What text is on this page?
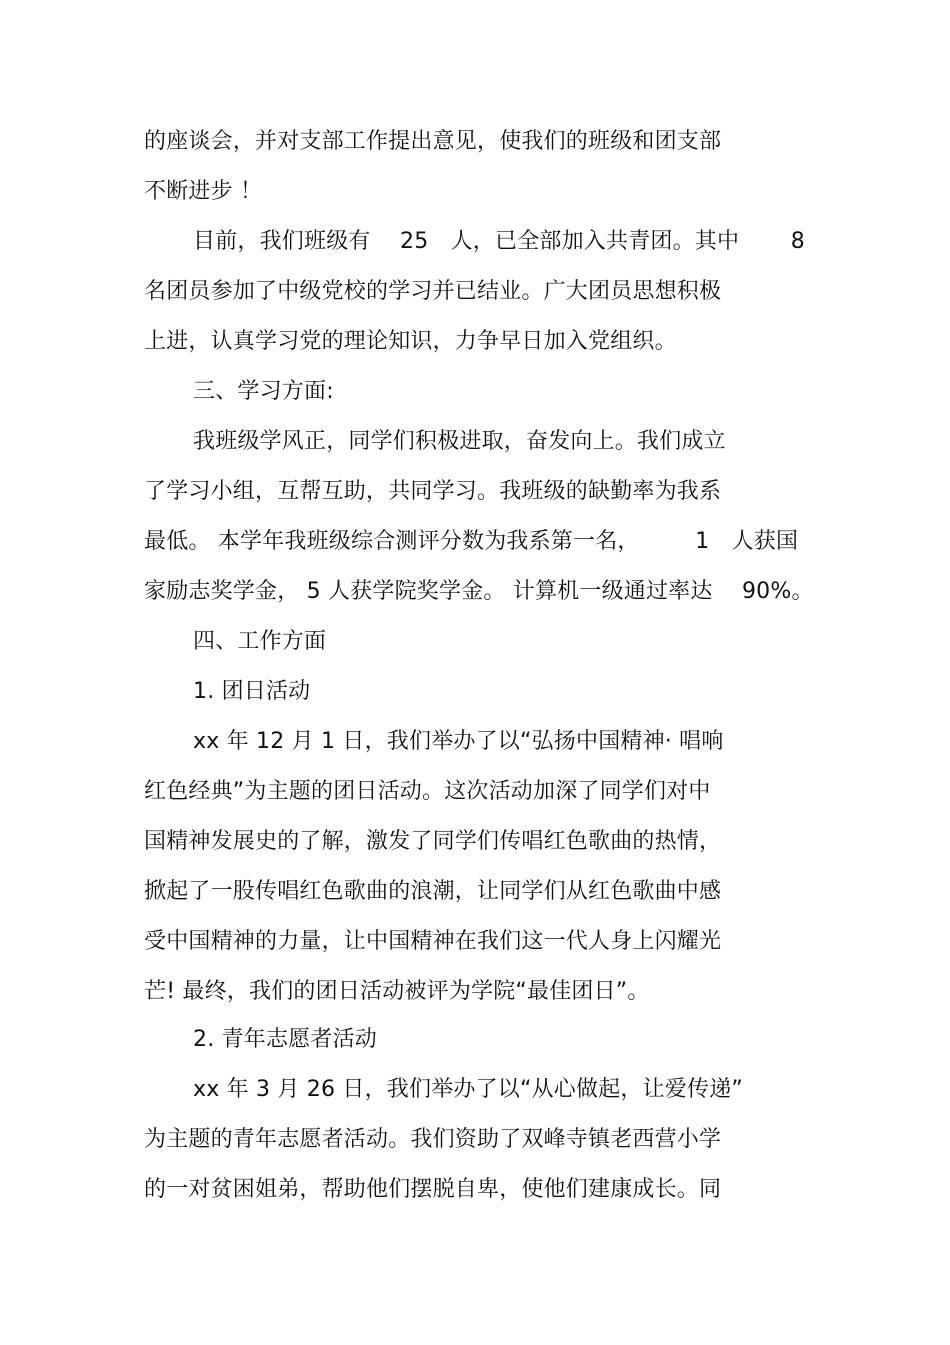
的座谈会，并对支部工作提出意见，使我们的班级和团支部
不断进步 ！
目前，我们班级有　 25　人，已全部加入共青团。其中　　 8
名团员参加了中级党校的学习并已结业。广大团员思想积极
上进，认真学习党的理论知识，力争早日加入党组织。
三、学习方面:
我班级学风正，同学们积极进取，奋发向上。我们成立
了学习小组，互帮互助，共同学习。我班级的缺勤率为我系
最低。 本学年我班级综合测评分数为我系第一名，　　　1　人获国
家励志奖学金， 5 人获学院奖学金。 计算机一级通过率达　 90%。
四、工作方面
1. 团日活动
xx 年 12 月 1 日，我们举办了以“弘扬中国精神· 唱响
红色经典”为主题的团日活动。这次活动加深了同学们对中
国精神发展史的了解，激发了同学们传唱红色歌曲的热情，
掀起了一股传唱红色歌曲的浪潮，让同学们从红色歌曲中感
受中国精神的力量，让中国精神在我们这一代人身上闪耀光
芒! 最终，我们的团日活动被评为学院“最佳团日”。
2. 青年志愿者活动
xx 年 3 月 26 日，我们举办了以“从心做起，让爱传递”
为主题的青年志愿者活动。我们资助了双峰寺镇老西营小学
的一对贫困姐弟，帮助他们摆脱自卑，使他们建康成长。同
